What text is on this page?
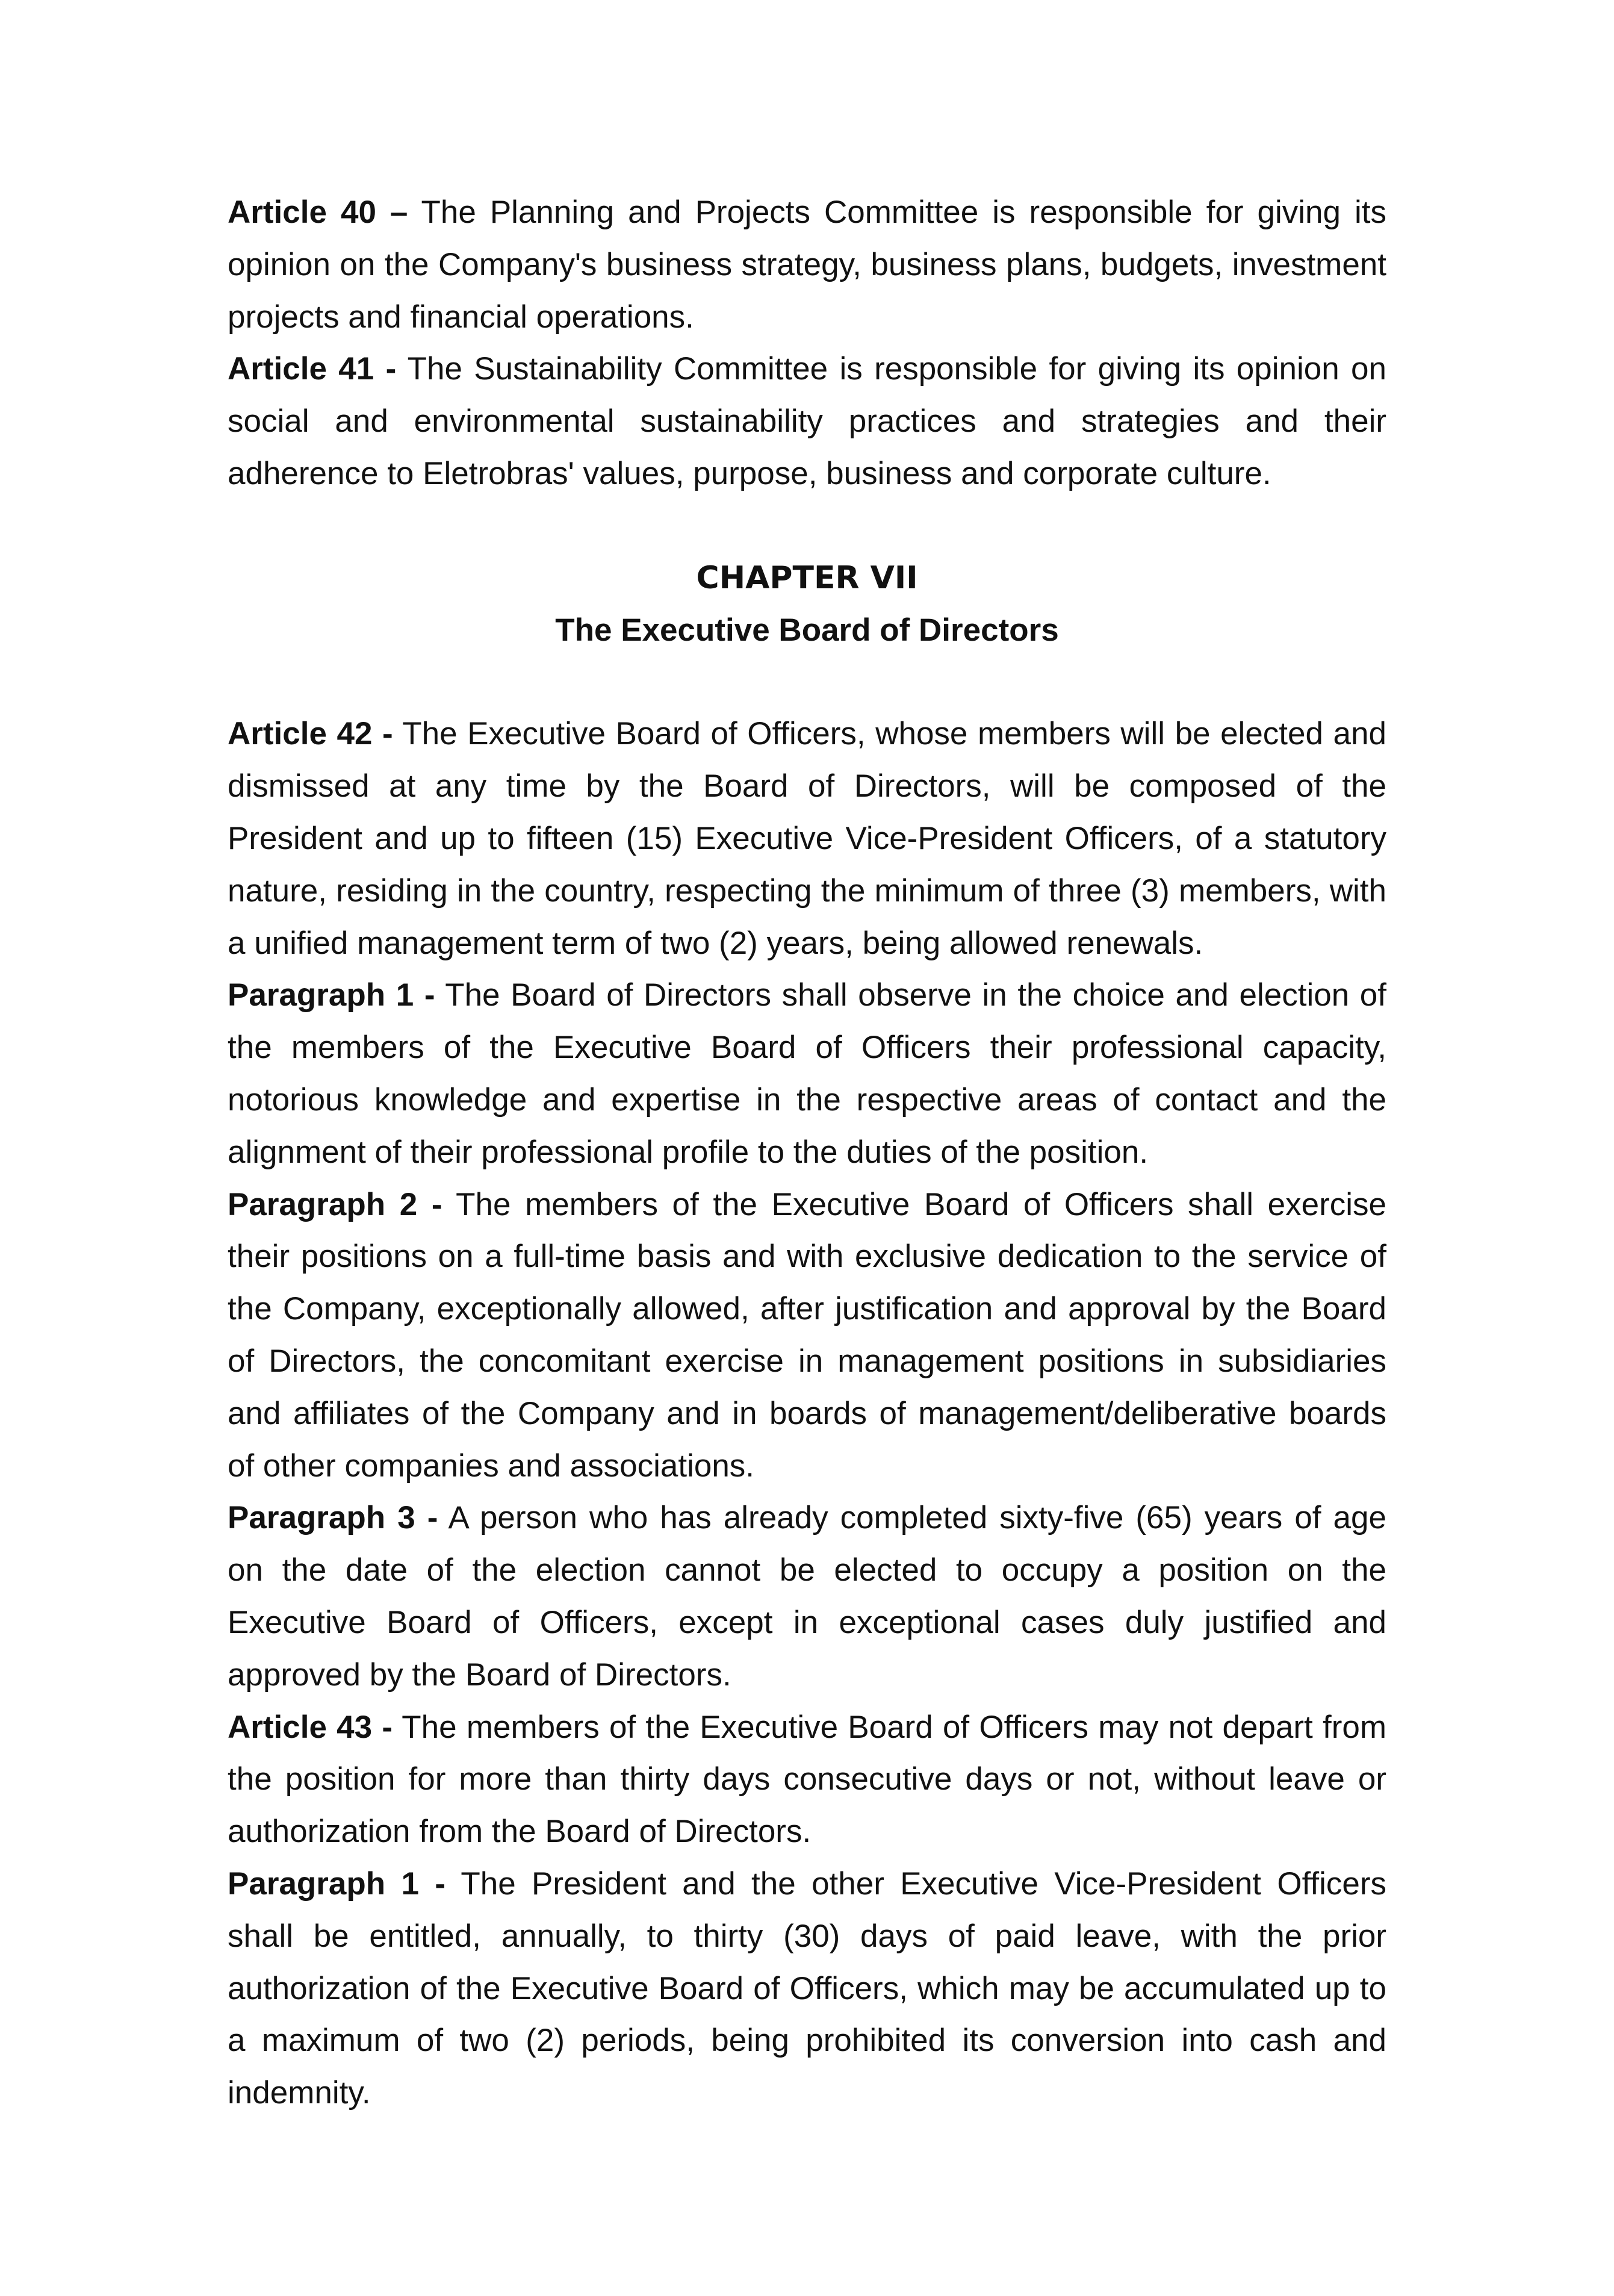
Article 40 – The Planning and Projects Committee is responsible for giving its opinion on the Company's business strategy, business plans, budgets, investment projects and financial operations.

Article 41 - The Sustainability Committee is responsible for giving its opinion on social and environmental sustainability practices and strategies and their adherence to Eletrobras' values, purpose, business and corporate culture.

CHAPTER VII
The Executive Board of Directors

Article 42 - The Executive Board of Officers, whose members will be elected and dismissed at any time by the Board of Directors, will be composed of the President and up to fifteen (15) Executive Vice-President Officers, of a statutory nature, residing in the country, respecting the minimum of three (3) members, with a unified management term of two (2) years, being allowed renewals.

Paragraph 1 - The Board of Directors shall observe in the choice and election of the members of the Executive Board of Officers their professional capacity, notorious knowledge and expertise in the respective areas of contact and the alignment of their professional profile to the duties of the position.

Paragraph 2 - The members of the Executive Board of Officers shall exercise their positions on a full-time basis and with exclusive dedication to the service of the Company, exceptionally allowed, after justification and approval by the Board of Directors, the concomitant exercise in management positions in subsidiaries and affiliates of the Company and in boards of management/deliberative boards of other companies and associations.

Paragraph 3 - A person who has already completed sixty-five (65) years of age on the date of the election cannot be elected to occupy a position on the Executive Board of Officers, except in exceptional cases duly justified and approved by the Board of Directors.

Article 43 - The members of the Executive Board of Officers may not depart from the position for more than thirty days consecutive days or not, without leave or authorization from the Board of Directors.

Paragraph 1 - The President and the other Executive Vice-President Officers shall be entitled, annually, to thirty (30) days of paid leave, with the prior authorization of the Executive Board of Officers, which may be accumulated up to a maximum of two (2) periods, being prohibited its conversion into cash and indemnity.
